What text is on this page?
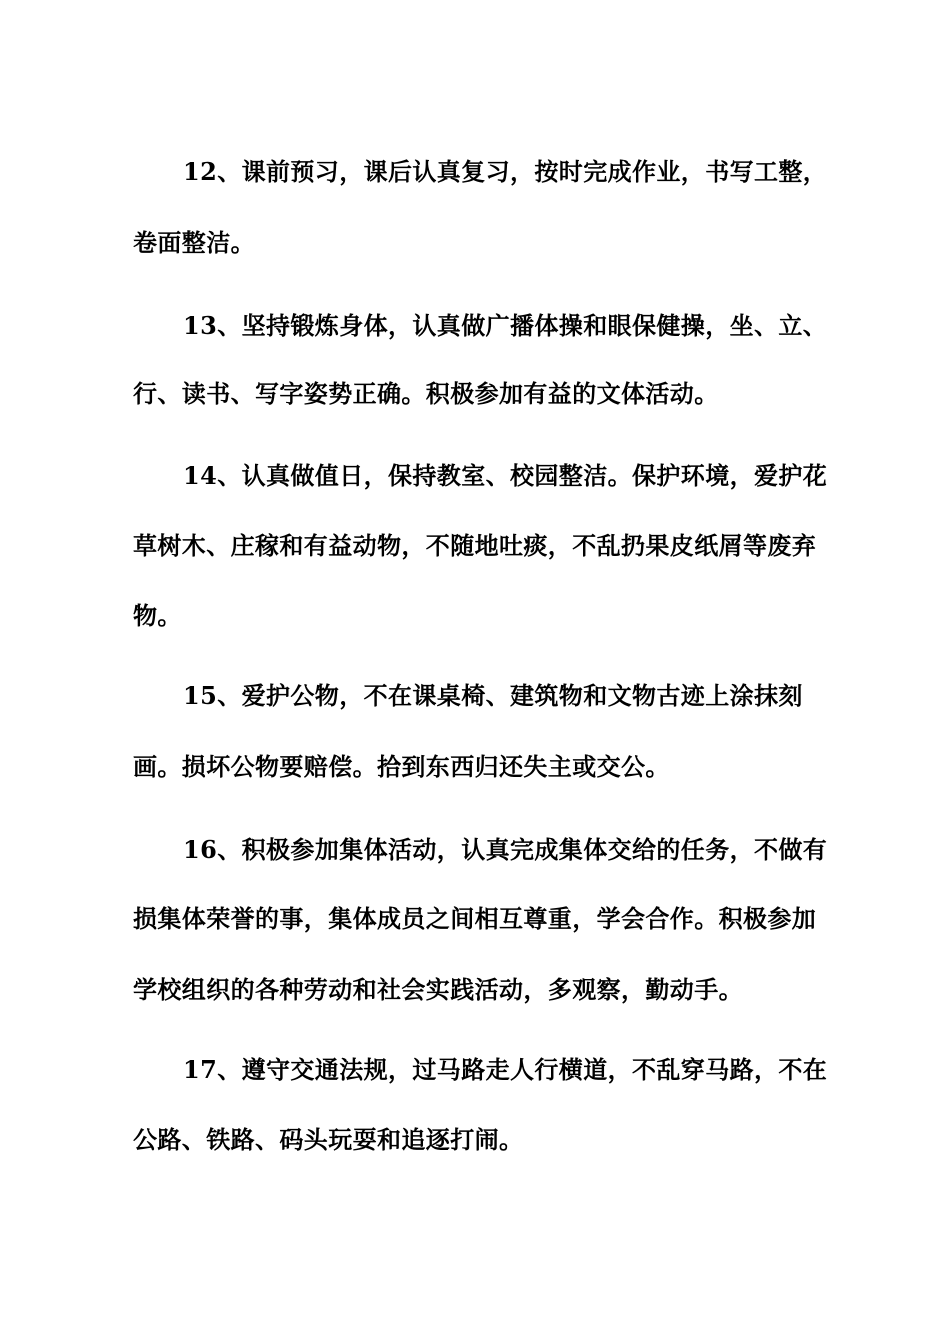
12、课前预习，课后认真复习，按时完成作业，书写工整，
卷面整洁。
13、坚持锻炼身体，认真做广播体操和眼保健操，坐、立、
行、读书、写字姿势正确。积极参加有益的文体活动。
14、认真做值日，保持教室、校园整洁。保护环境，爱护花
草树木、庄稼和有益动物，不随地吐痰，不乱扔果皮纸屑等废弃
物。
15、爱护公物，不在课桌椅、建筑物和文物古迹上涂抹刻
画。损坏公物要赔偿。拾到东西归还失主或交公。
16、积极参加集体活动，认真完成集体交给的任务，不做有
损集体荣誉的事，集体成员之间相互尊重，学会合作。积极参加
学校组织的各种劳动和社会实践活动，多观察，勤动手。
17、遵守交通法规，过马路走人行横道，不乱穿马路，不在
公路、铁路、码头玩耍和追逐打闹。
